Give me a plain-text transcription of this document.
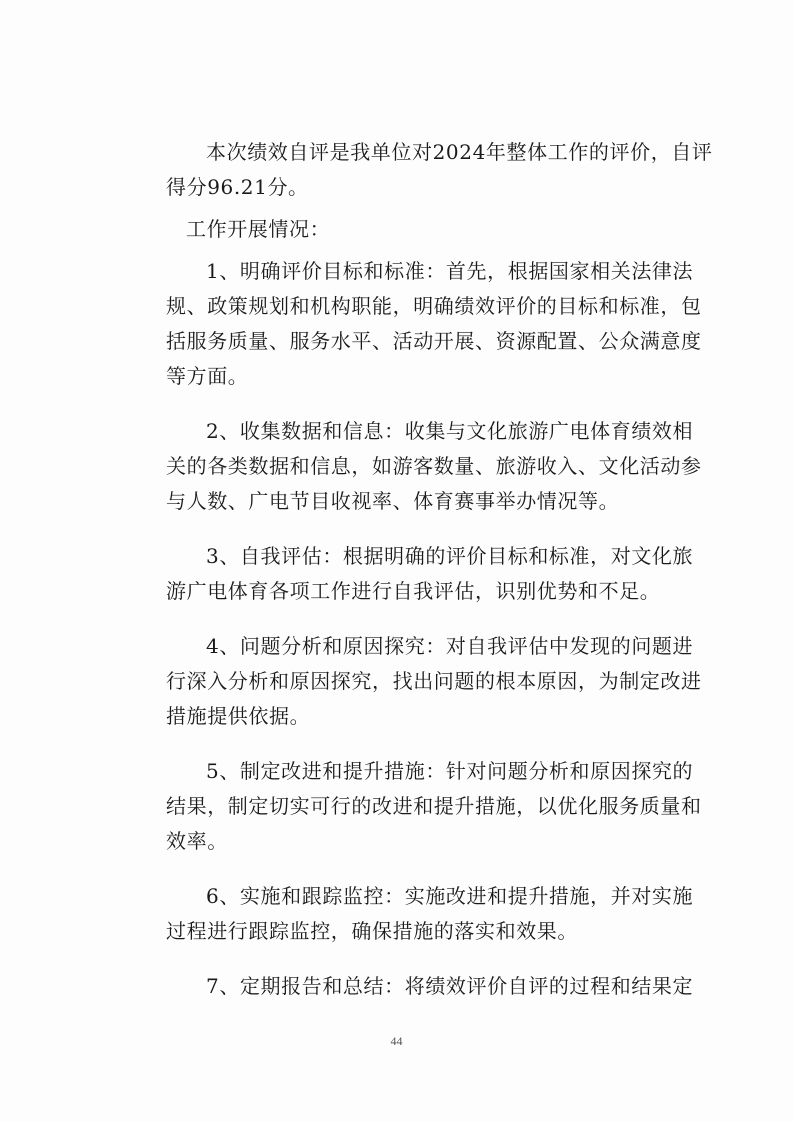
本次绩效自评是我单位对2024年整体工作的评价，自评
得分96.21分。
工作开展情况：
1、明确评价目标和标准：首先，根据国家相关法律法
规、政策规划和机构职能，明确绩效评价的目标和标准，包
括服务质量、服务水平、活动开展、资源配置、公众满意度
等方面。
2、收集数据和信息：收集与文化旅游广电体育绩效相
关的各类数据和信息，如游客数量、旅游收入、文化活动参
与人数、广电节目收视率、体育赛事举办情况等。
3、自我评估：根据明确的评价目标和标准，对文化旅
游广电体育各项工作进行自我评估，识别优势和不足。
4、问题分析和原因探究：对自我评估中发现的问题进
行深入分析和原因探究，找出问题的根本原因，为制定改进
措施提供依据。
5、制定改进和提升措施：针对问题分析和原因探究的
结果，制定切实可行的改进和提升措施，以优化服务质量和
效率。
6、实施和跟踪监控：实施改进和提升措施，并对实施
过程进行跟踪监控，确保措施的落实和效果。
7、定期报告和总结：将绩效评价自评的过程和结果定
44
